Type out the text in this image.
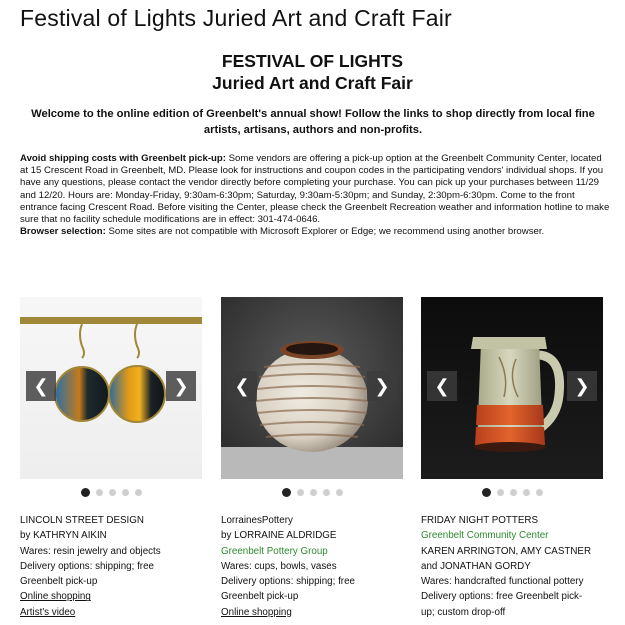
Festival of Lights Juried Art and Craft Fair
FESTIVAL OF LIGHTS
Juried Art and Craft Fair
Welcome to the online edition of Greenbelt's annual show! Follow the links to shop directly from local fine artists, artisans, authors and non-profits.
Avoid shipping costs with Greenbelt pick-up: Some vendors are offering a pick-up option at the Greenbelt Community Center, located at 15 Crescent Road in Greenbelt, MD. Please look for instructions and coupon codes in the participating vendors' individual shops. If you have any questions, please contact the vendor directly before completing your purchase. You can pick up your purchases between 11/29 and 12/20. Hours are: Monday-Friday, 9:30am-6:30pm; Saturday, 9:30am-5:30pm; and Sunday, 2:30pm-6:30pm. Come to the front entrance facing Crescent Road. Before visiting the Center, please check the Greenbelt Recreation weather and information hotline to make sure that no facility schedule modifications are in effect: 301-474-0646.
Browser selection: Some sites are not compatible with Microsoft Explorer or Edge; we recommend using another browser.
❮	❯
LINCOLN STREET DESIGN
by KATHRYN AIKIN
Wares: resin jewelry and objects
Delivery options: shipping; free
Greenbelt pick-up
Online shopping
Artist's video
❮	❯
LorrainesPottery
by LORRAINE ALDRIDGE
Greenbelt Pottery Group
Wares: cups, bowls, vases
Delivery options: shipping; free
Greenbelt pick-up
Online shopping
❮	❯
FRIDAY NIGHT POTTERS
Greenbelt Community Center
KAREN ARRINGTON, AMY CASTNER
and JONATHAN GORDY
Wares: handcrafted functional pottery
Delivery options: free Greenbelt pick-
up; custom drop-off
